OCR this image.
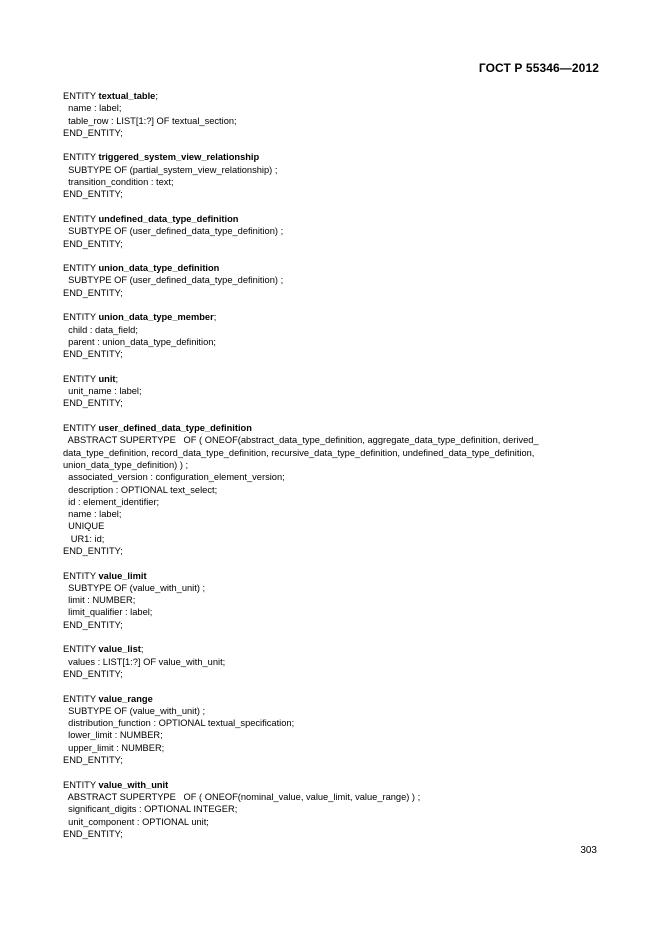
ГОСТ Р 55346—2012
ENTITY textual_table;
name : label;
table_row : LIST[1:?] OF textual_section;
END_ENTITY;
ENTITY triggered_system_view_relationship
SUBTYPE OF (partial_system_view_relationship) ;
transition_condition : text;
END_ENTITY;
ENTITY undefined_data_type_definition
SUBTYPE OF (user_defined_data_type_definition) ;
END_ENTITY;
ENTITY union_data_type_definition
SUBTYPE OF (user_defined_data_type_definition) ;
END_ENTITY;
ENTITY union_data_type_member;
child : data_field;
parent : union_data_type_definition;
END_ENTITY;
ENTITY unit;
unit_name : label;
END_ENTITY;
ENTITY user_defined_data_type_definition
ABSTRACT SUPERTYPE   OF ( ONEOF(abstract_data_type_definition, aggregate_data_type_definition, derived_
data_type_definition, record_data_type_definition, recursive_data_type_definition, undefined_data_type_definition,
union_data_type_definition) ) ;
associated_version : configuration_element_version;
description : OPTIONAL text_select;
id : element_identifier;
name : label;
UNIQUE
UR1: id;
END_ENTITY;
ENTITY value_limit
SUBTYPE OF (value_with_unit) ;
limit : NUMBER;
limit_qualifier : label;
END_ENTITY;
ENTITY value_list;
values : LIST[1:?] OF value_with_unit;
END_ENTITY;
ENTITY value_range
SUBTYPE OF (value_with_unit) ;
distribution_function : OPTIONAL textual_specification;
lower_limit : NUMBER;
upper_limit : NUMBER;
END_ENTITY;
ENTITY value_with_unit
ABSTRACT SUPERTYPE   OF ( ONEOF(nominal_value, value_limit, value_range) ) ;
significant_digits : OPTIONAL INTEGER;
unit_component : OPTIONAL unit;
END_ENTITY;
303
